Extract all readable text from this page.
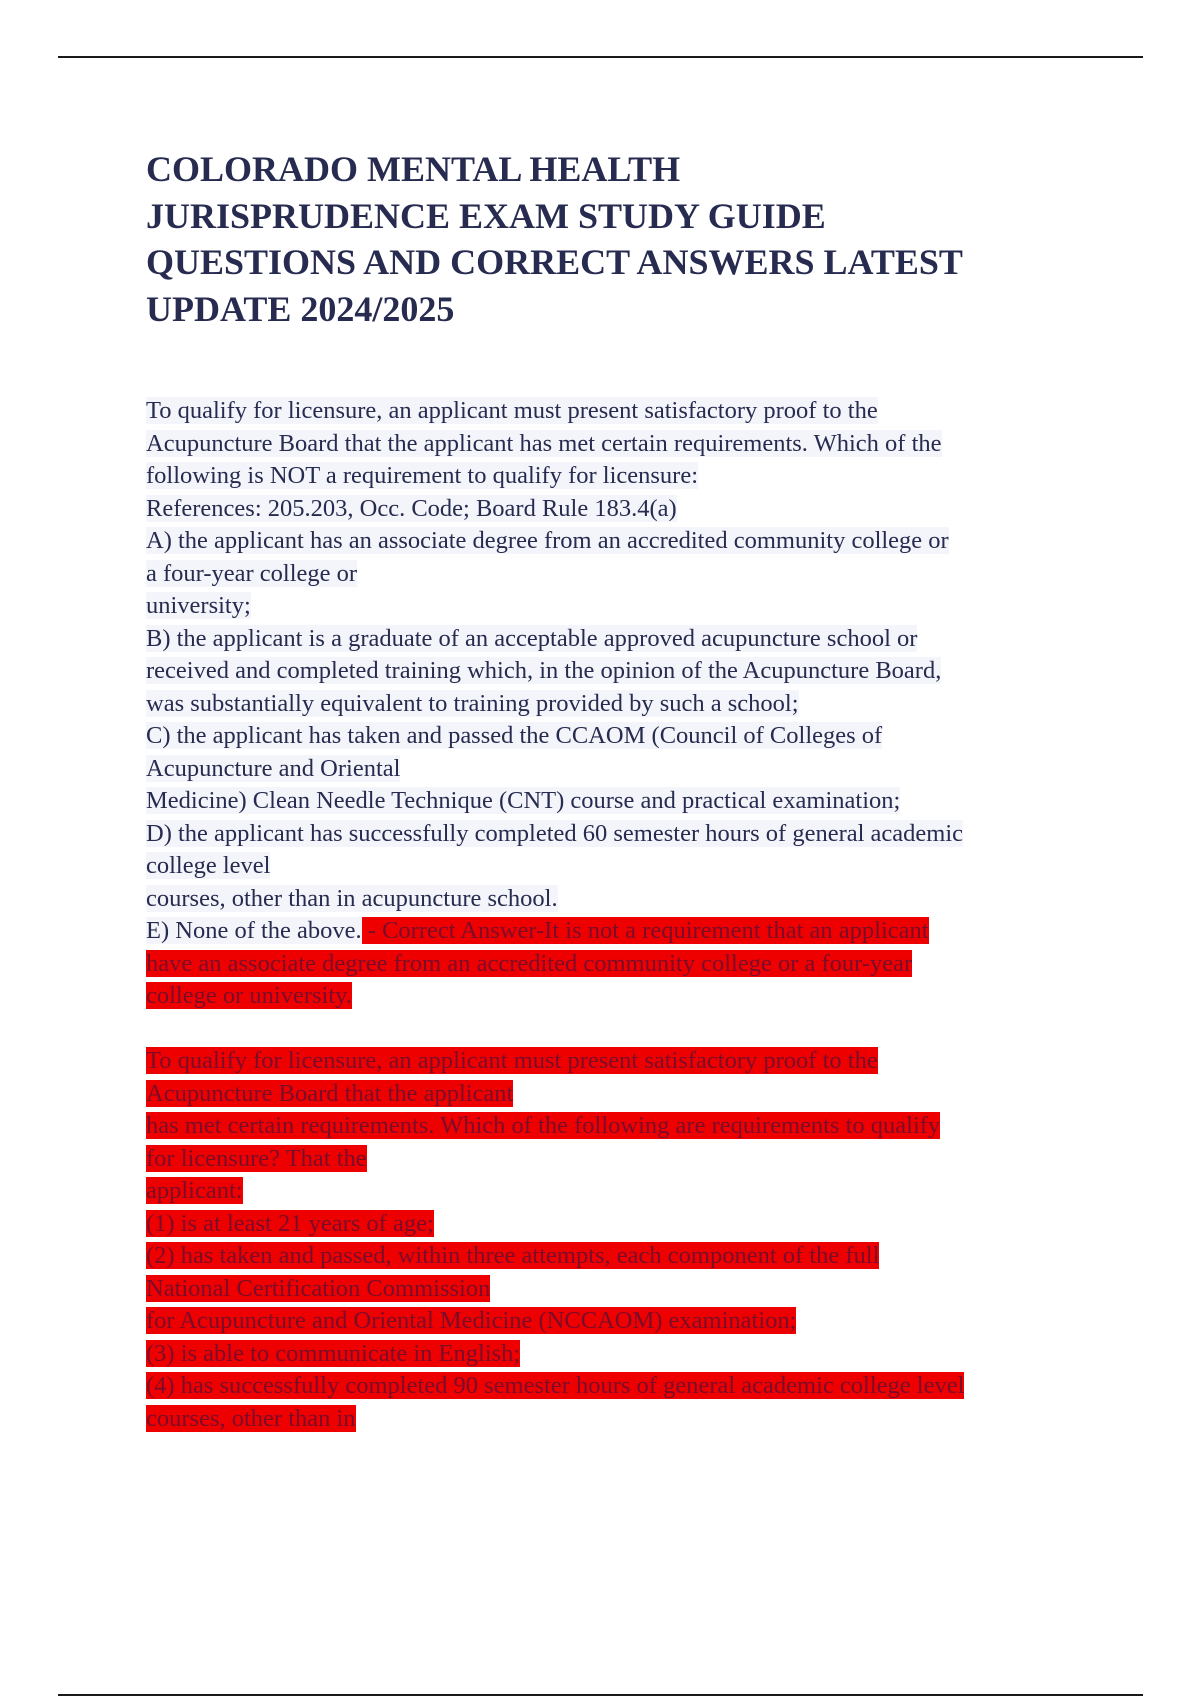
COLORADO MENTAL HEALTH
JURISPRUDENCE EXAM STUDY GUIDE
QUESTIONS AND CORRECT ANSWERS LATEST
UPDATE 2024/2025
To qualify for licensure, an applicant must present satisfactory proof to the
Acupuncture Board that the applicant has met certain requirements. Which of the
following is NOT a requirement to qualify for licensure:
References: 205.203, Occ. Code; Board Rule 183.4(a)
A) the applicant has an associate degree from an accredited community college or
a four-year college or
university;
B) the applicant is a graduate of an acceptable approved acupuncture school or
received and completed training which, in the opinion of the Acupuncture Board,
was substantially equivalent to training provided by such a school;
C) the applicant has taken and passed the CCAOM (Council of Colleges of
Acupuncture and Oriental
Medicine) Clean Needle Technique (CNT) course and practical examination;
D) the applicant has successfully completed 60 semester hours of general academic
college level
courses, other than in acupuncture school.
E) None of the above. - Correct Answer-It is not a requirement that an applicant
have an associate degree from an accredited community college or a four-year
college or university.
To qualify for licensure, an applicant must present satisfactory proof to the
Acupuncture Board that the applicant
has met certain requirements. Which of the following are requirements to qualify
for licensure? That the
applicant:
(1) is at least 21 years of age;
(2) has taken and passed, within three attempts, each component of the full
National Certification Commission
for Acupuncture and Oriental Medicine (NCCAOM) examination;
(3) is able to communicate in English;
(4) has successfully completed 90 semester hours of general academic college level
courses, other than in
